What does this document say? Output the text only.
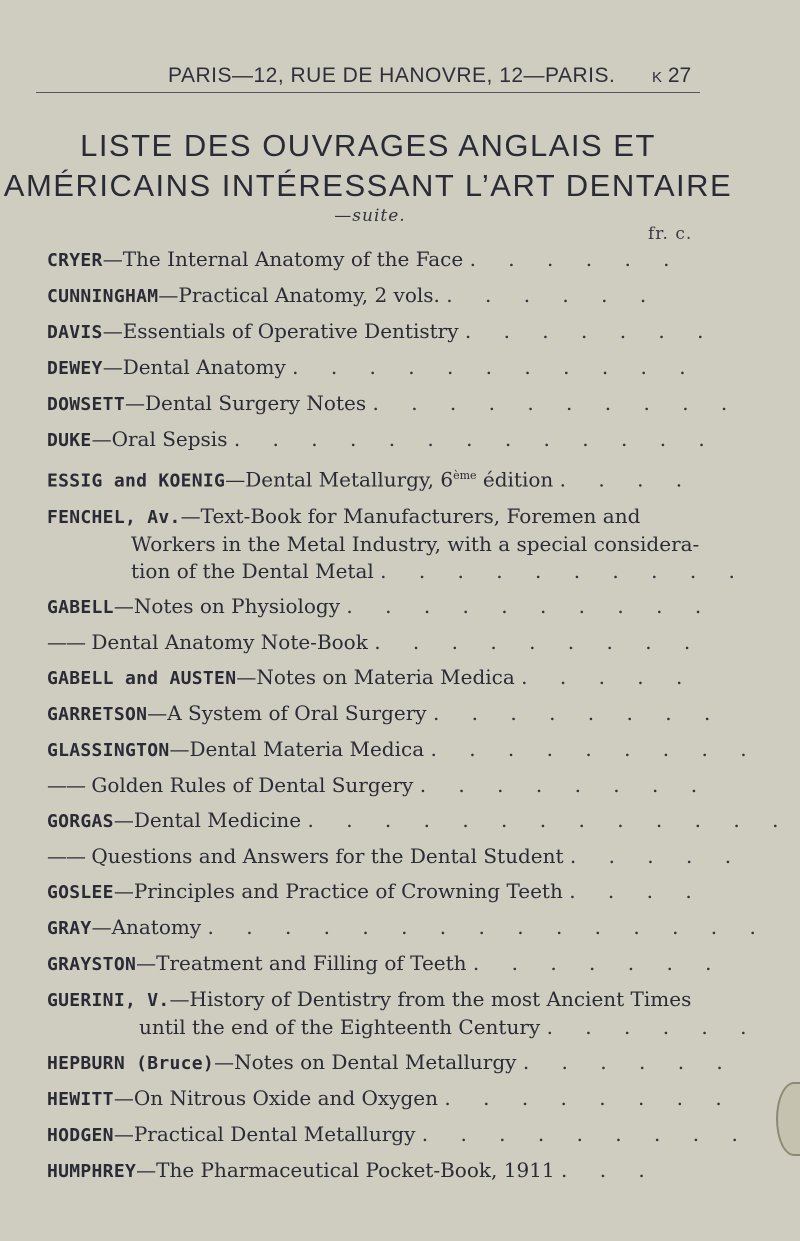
PARIS—12, RUE DE HANOVRE, 12—PARIS. K 27
LISTE DES OUVRAGES ANGLAIS ET
AMÉRICAINS INTÉRESSANT L’ART DENTAIRE
—suite.
fr. c.
CRYER—The Internal Anatomy of the Face . . . . . .
CUNNINGHAM—Practical Anatomy, 2 vols. . . . . . .
DAVIS—Essentials of Operative Dentistry . . . . . . .
DEWEY—Dental Anatomy . . . . . . . . . . .
DOWSETT—Dental Surgery Notes . . . . . . . . . .
DUKE—Oral Sepsis . . . . . . . . . . . . .
ESSIG and KOENIG—Dental Metallurgy, 6ème édition . . . .
FENCHEL, Av.—Text-Book for Manufacturers, Foremen and
Workers in the Metal Industry, with a special considera-
tion of the Dental Metal . . . . . . . . . .
GABELL—Notes on Physiology . . . . . . . . . .
—— Dental Anatomy Note-Book . . . . . . . . .
GABELL and AUSTEN—Notes on Materia Medica . . . . .
GARRETSON—A System of Oral Surgery . . . . . . . .
GLASSINGTON—Dental Materia Medica . . . . . . . . .
—— Golden Rules of Dental Surgery . . . . . . . .
GORGAS—Dental Medicine . . . . . . . . . . . . .
—— Questions and Answers for the Dental Student . . . . .
GOSLEE—Principles and Practice of Crowning Teeth . . . .
GRAY—Anatomy . . . . . . . . . . . . . . .
GRAYSTON—Treatment and Filling of Teeth . . . . . . .
GUERINI, V.—History of Dentistry from the most Ancient Times
until the end of the Eighteenth Century . . . . . .
HEPBURN (Bruce)—Notes on Dental Metallurgy . . . . . .
HEWITT—On Nitrous Oxide and Oxygen . . . . . . . .
HODGEN—Practical Dental Metallurgy . . . . . . . . .
HUMPHREY—The Pharmaceutical Pocket-Book, 1911 . . .
